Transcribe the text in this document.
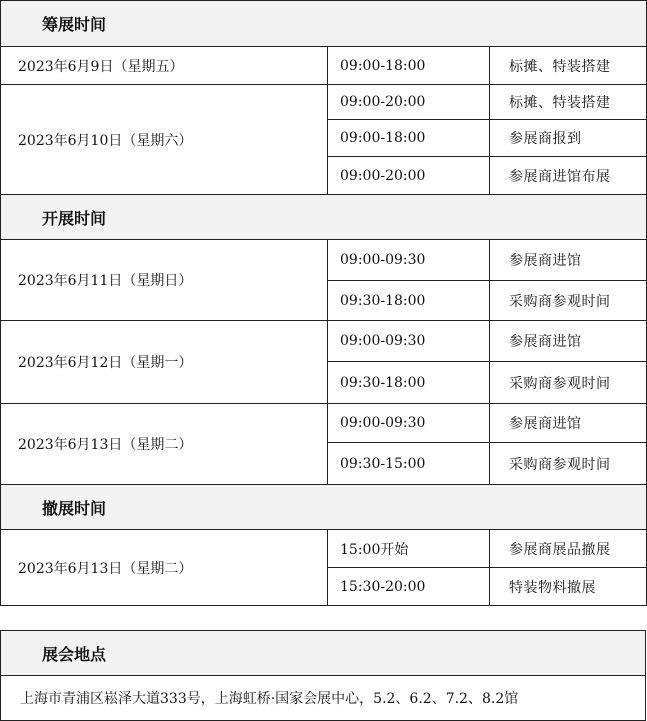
筹展时间		
2023年6月9日（星期五）	09:00-18:00	标摊、特装搭建
2023年6月10日（星期六）	09:00-20:00	标摊、特装搭建
	09:00-18:00	参展商报到
	09:00-20:00	参展商进馆布展
开展时间		
2023年6月11日（星期日）	09:00-09:30	参展商进馆
	09:30-18:00	采购商参观时间
2023年6月12日（星期一）	09:00-09:30	参展商进馆
	09:30-18:00	采购商参观时间
2023年6月13日（星期二）	09:00-09:30	参展商进馆
	09:30-15:00	采购商参观时间
撤展时间		
2023年6月13日（星期二）	15:00开始	参展商展品撤展
	15:30-20:00	特装物料撤展
展会地点
上海市青浦区崧泽大道333号，上海虹桥·国家会展中心，5.2、6.2、7.2、8.2馆
